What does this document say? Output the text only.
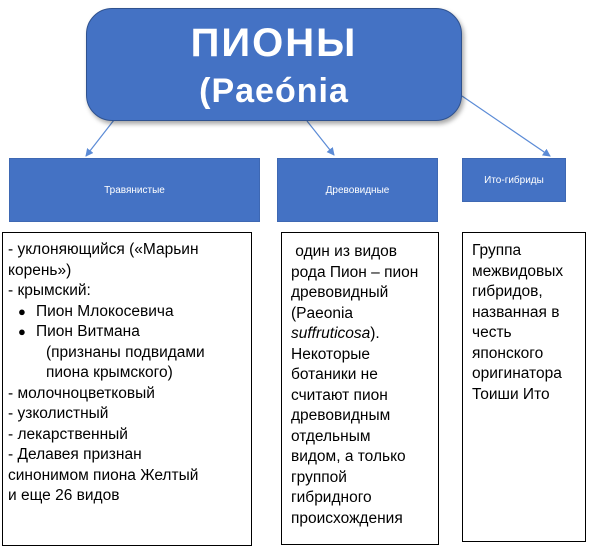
ПИОНЫ
(Paeónia
Травянистые	Древовидные
Ито-гибриды

- уклоняющийся («Марьин

корень»)

- крымский:

● Пион Млокосевича

● Пион Витмана

(признаны подвидами

пиона крымского)

- молочноцветковый

- узколистный

- лекарственный

- Делавея признан

синонимом пиона Желтый

и еще 26 видов

один из видов

рода Пион – пион

древовидный

(Paeonia

suffruticosa).

Некоторые

ботаники не

считают пион

древовидным

отдельным

видом, а только

группой

гибридного

происхождения

Группа

межвидовых

гибридов,

названная в

честь

японского

оригинатора

Тоиши Ито
